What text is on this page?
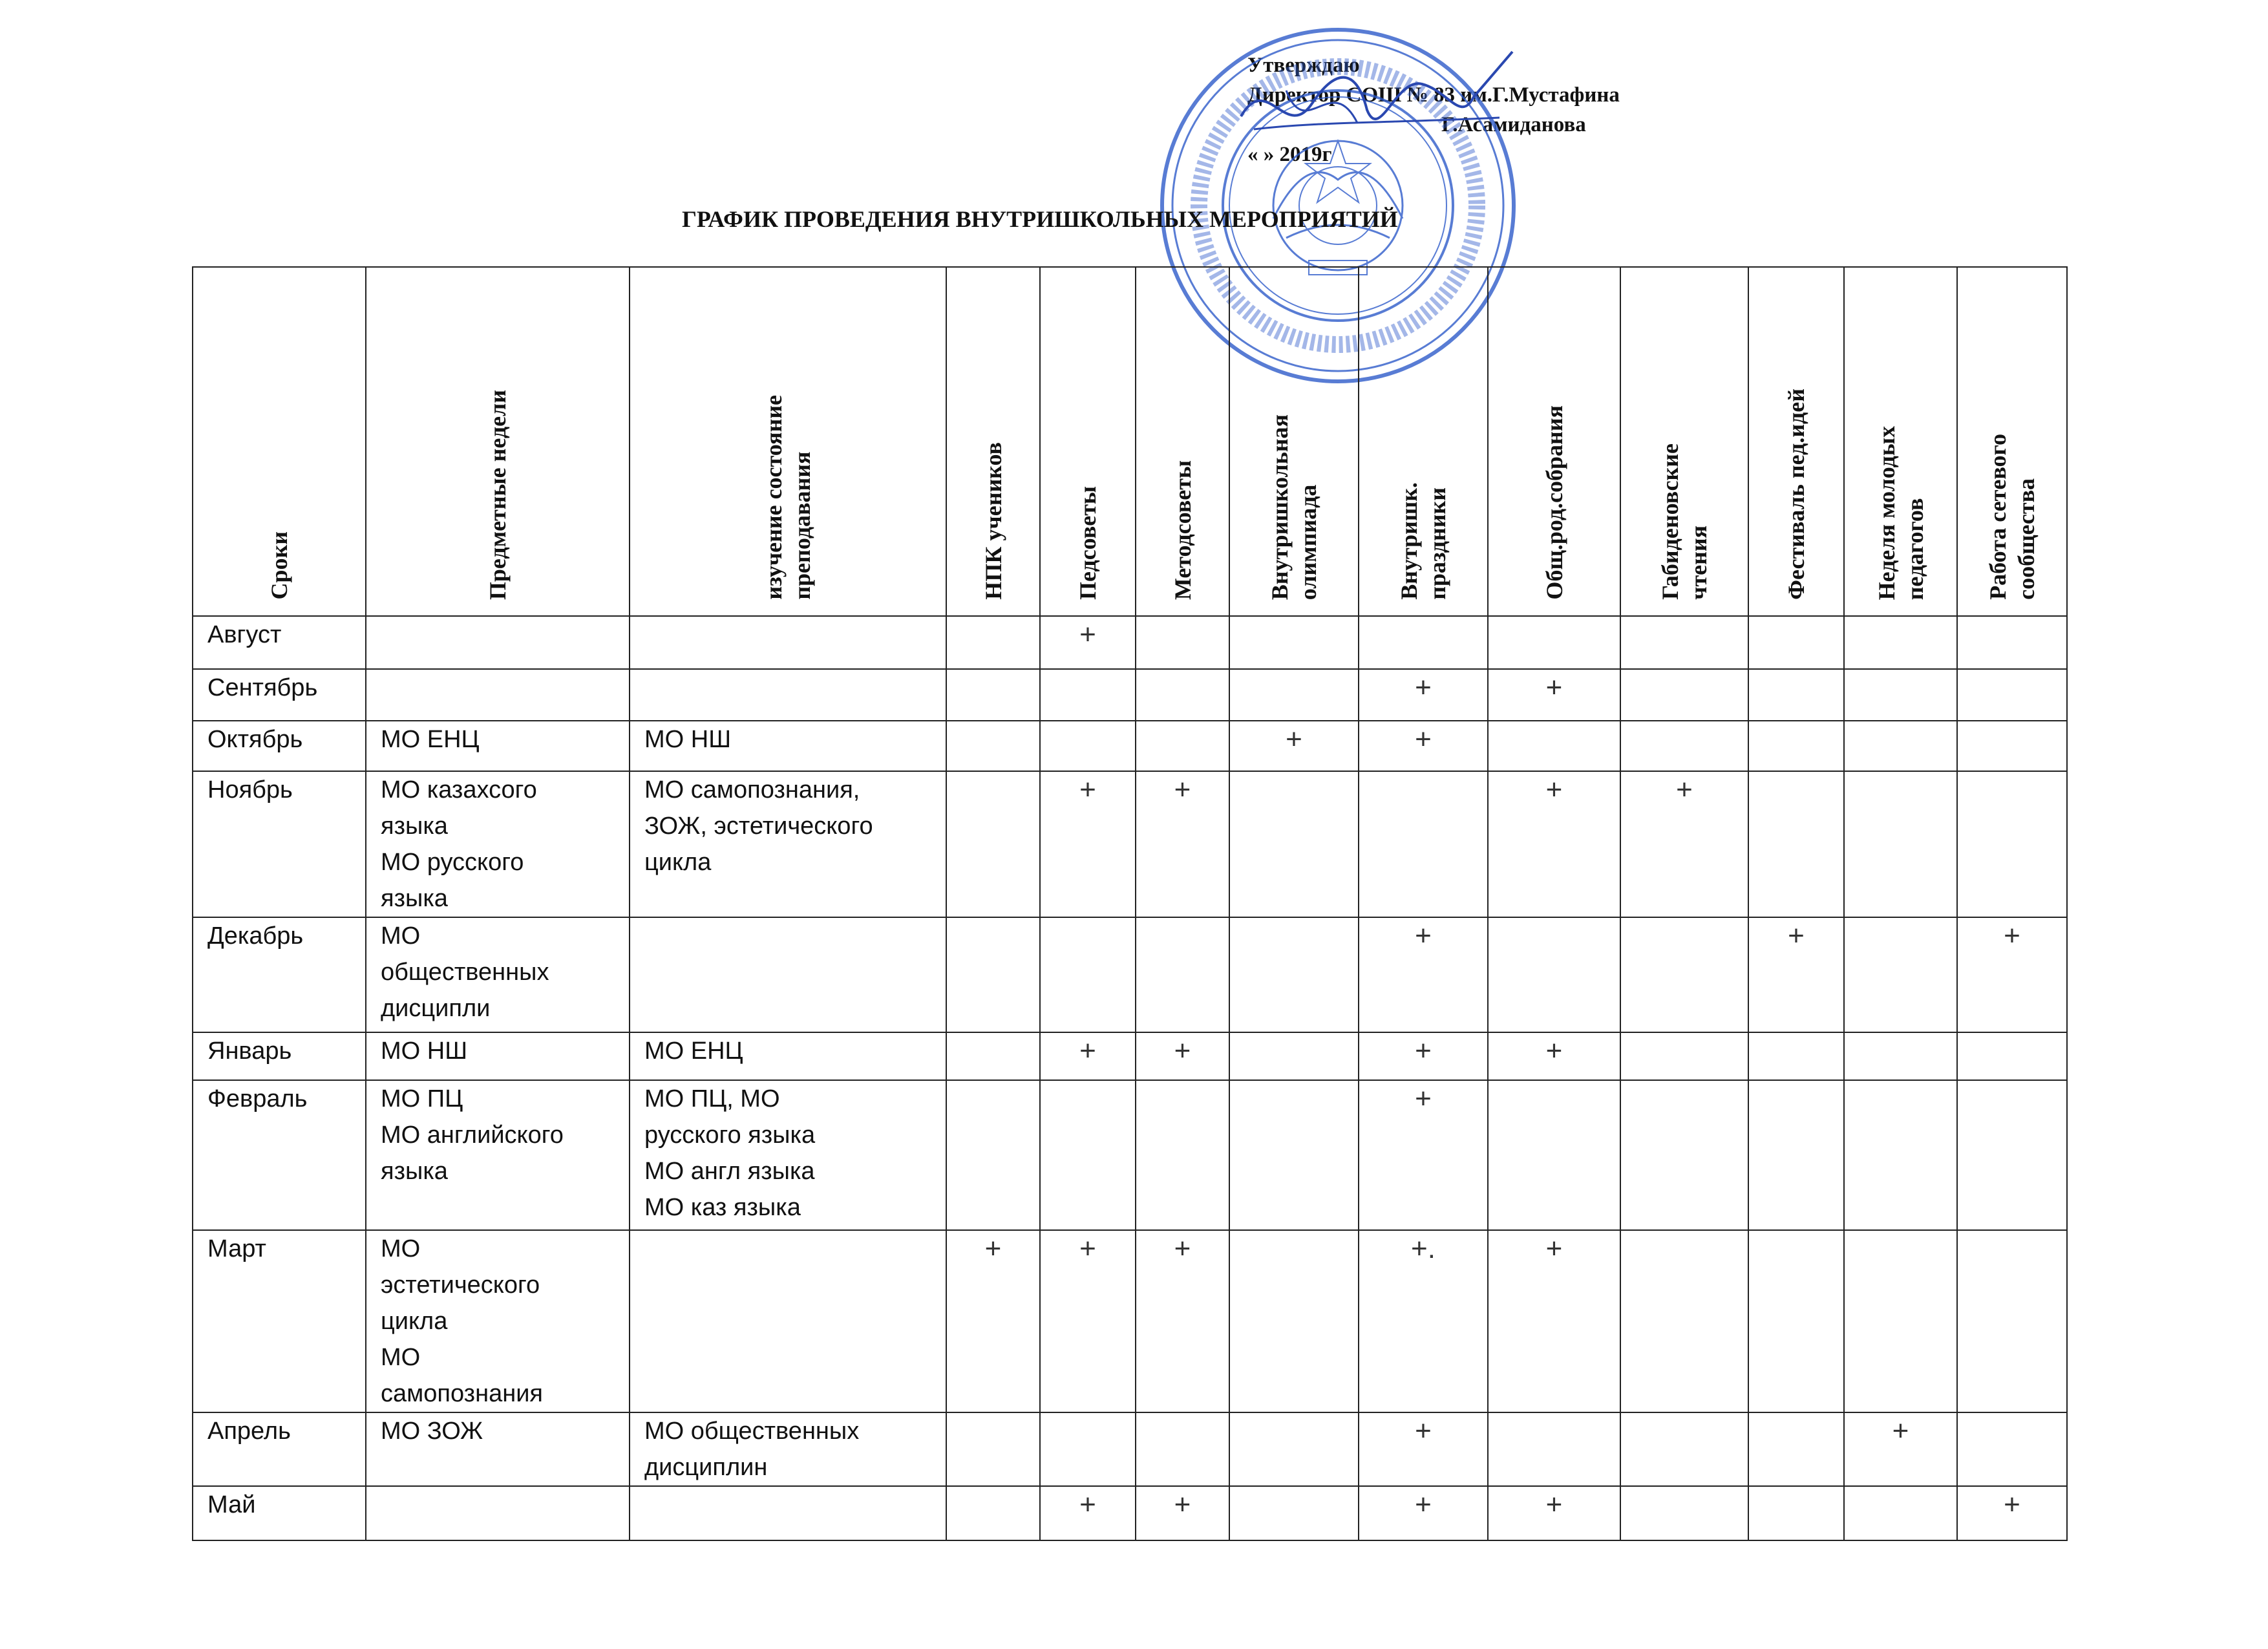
Утверждаю
Директор СОШ № 83 им.Г.Мустафина
Г.Асамиданова
« » 2019г
ГРАФИК ПРОВЕДЕНИЯ ВНУТРИШКОЛЬНЫХ МЕРОПРИЯТИЙ
Сроки	Предметные недели	изучение состояние
преподавания	НПК учеников	Педсоветы	Методсоветы	Внутришкольная
олимпиада	Внутришк.
праздники	Общ.род.собрания	Габиденовские
чтения	Фестиваль пед.идей	Неделя молодых
педагогов	Работа сетевого
сообщества

Август				+								
Сентябрь							+	+				
Октябрь	МО ЕНЦ	МО НШ				+	+					
Ноябрь	МО казахсого
языка
МО русского
языка	МО самопознания,
ЗОЖ, эстетического
цикла		+	+			+	+			
Декабрь	МО
общественных
дисципли						+			+		+
Январь	МО НШ	МО ЕНЦ		+	+		+	+				
Февраль	МО ПЦ
МО английского
языка	МО ПЦ, МО
русского языка
МО англ языка
МО каз языка					+					
Март	МО
эстетического
цикла
МО
самопознания		+	+	+		+.	+				
Апрель	МО ЗОЖ	МО общественных
дисциплин					+				+	
Май				+	+		+	+				+
